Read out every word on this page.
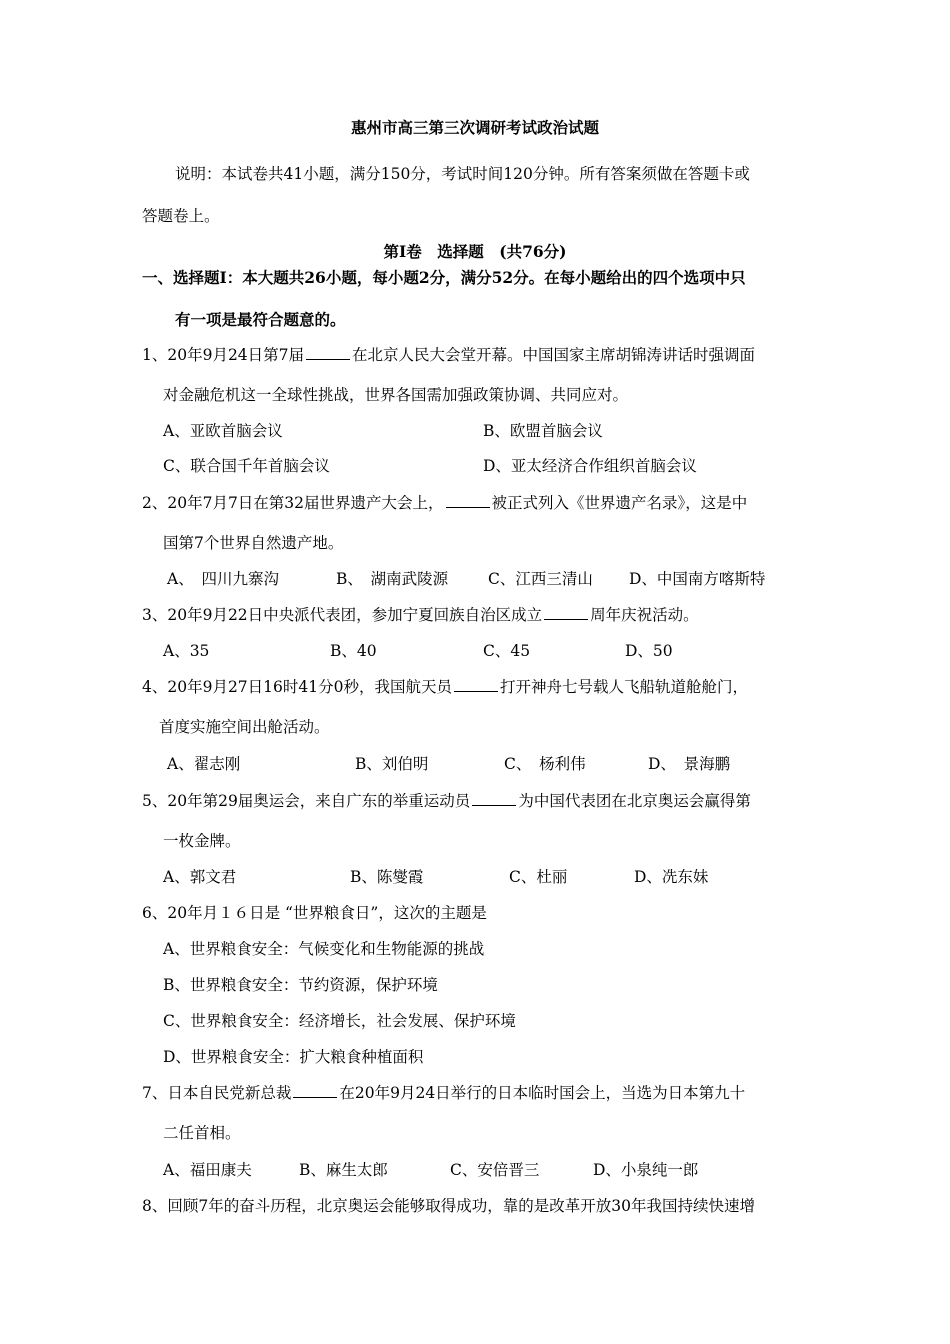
惠州市高三第三次调研考试政治试题
说明：本试卷共41小题，满分150分，考试时间120分钟。所有答案须做在答题卡或
答题卷上。
第Ⅰ卷　选择题　(共76分)
一、选择题Ⅰ：本大题共26小题，每小题2分，满分52分。在每小题给出的四个选项中只
有一项是最符合题意的。
1、20年9月24日第7届	在北京人民大会堂开幕。中国国家主席胡锦涛讲话时强调面
对金融危机这一全球性挑战，世界各国需加强政策协调、共同应对。
A、亚欧首脑会议	B、欧盟首脑会议
C、联合国千年首脑会议	D、亚太经济合作组织首脑会议
2、20年7月7日在第32届世界遗产大会上，	被正式列入《世界遗产名录》，这是中
国第7个世界自然遗产地。
A、　四川九寨沟	B、　湖南武陵源	C、江西三清山 D、中国南方喀斯特
3、20年9月22日中央派代表团，参加宁夏回族自治区成立	周年庆祝活动。
A、35	B、40	C、45	D、50
4、20年9月27日16时41分0秒，我国航天员	打开神舟七号载人飞船轨道舱舱门，
首度实施空间出舱活动。
A、翟志刚	B、刘伯明	C、　杨利伟	D、　景海鹏
5、20年第29届奥运会，来自广东的举重运动员	为中国代表团在北京奥运会赢得第
一枚金牌。
A、郭文君	B、陈燮霞	C、杜丽	D、冼东妹
6、20年月１６日是 “世界粮食日”，这次的主题是
A、世界粮食安全：气候变化和生物能源的挑战
B、世界粮食安全：节约资源，保护环境
C、世界粮食安全：经济增长，社会发展、保护环境
D、世界粮食安全：扩大粮食种植面积
7、日本自民党新总裁	在20年9月24日举行的日本临时国会上，当选为日本第九十
二任首相。
A、福田康夫	B、麻生太郎	C、安倍晋三	D、小泉纯一郎
8、回顾7年的奋斗历程，北京奥运会能够取得成功，靠的是改革开放30年我国持续快速增
